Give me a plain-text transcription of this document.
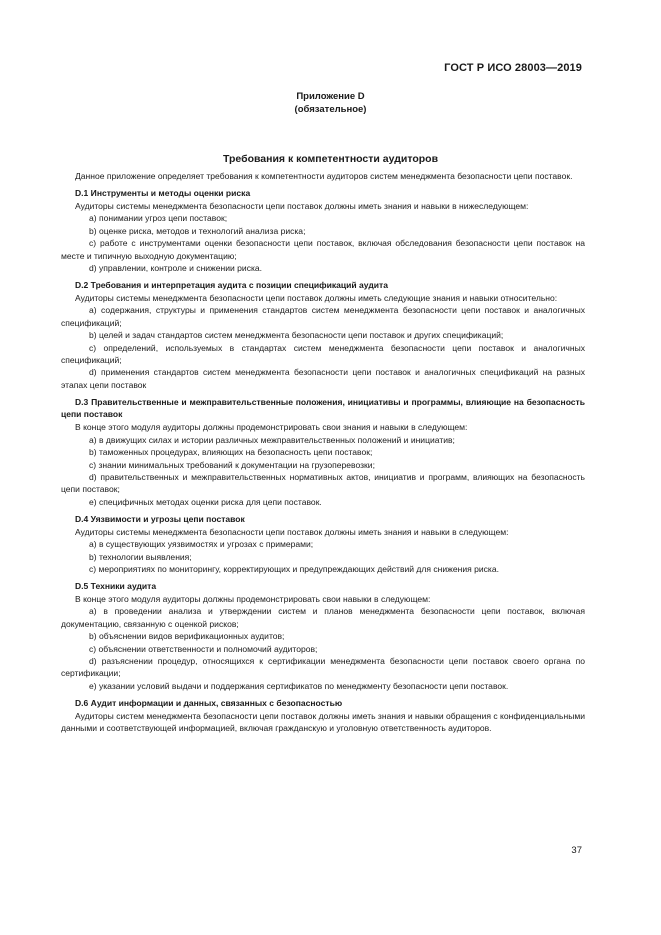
ГОСТ Р ИСО 28003—2019
Приложение D
(обязательное)
Требования к компетентности аудиторов

Данное приложение определяет требования к компетентности аудиторов систем менеджмента безопасности цепи поставок.

D.1 Инструменты и методы оценки риска

Аудиторы системы менеджмента безопасности цепи поставок должны иметь знания и навыки в нижеследующем:

a) понимании угроз цепи поставок;

b) оценке риска, методов и технологий анализа риска;

c) работе с инструментами оценки безопасности цепи поставок, включая обследования безопасности цепи поставок на месте и типичную выходную документацию;

d) управлении, контроле и снижении риска.

D.2 Требования и интерпретация аудита с позиции спецификаций аудита

Аудиторы системы менеджмента безопасности цепи поставок должны иметь следующие знания и навыки относительно:

a) содержания, структуры и применения стандартов систем менеджмента безопасности цепи поставок и аналогичных спецификаций;

b) целей и задач стандартов систем менеджмента безопасности цепи поставок и других спецификаций;

c) определений, используемых в стандартах систем менеджмента безопасности цепи поставок и аналогичных спецификаций;

d) применения стандартов систем менеджмента безопасности цепи поставок и аналогичных спецификаций на разных этапах цепи поставок

D.3 Правительственные и межправительственные положения, инициативы и программы, влияющие на безопасность цепи поставок

В конце этого модуля аудиторы должны продемонстрировать свои знания и навыки в следующем:

a) в движущих силах и истории различных межправительственных положений и инициатив;

b) таможенных процедурах, влияющих на безопасность цепи поставок;

c) знании минимальных требований к документации на грузоперевозки;

d) правительственных и межправительственных нормативных актов, инициатив и программ, влияющих на безопасность цепи поставок;

e) специфичных методах оценки риска для цепи поставок.

D.4 Уязвимости и угрозы цепи поставок

Аудиторы системы менеджмента безопасности цепи поставок должны иметь знания и навыки в следующем:

a) в существующих уязвимостях и угрозах с примерами;

b) технологии выявления;

c) мероприятиях по мониторингу, корректирующих и предупреждающих действий для снижения риска.

D.5 Техники аудита

В конце этого модуля аудиторы должны продемонстрировать свои навыки в следующем:

a) в проведении анализа и утверждении систем и планов менеджмента безопасности цепи поставок, включая документацию, связанную с оценкой рисков;

b) объяснении видов верификационных аудитов;

c) объяснении ответственности и полномочий аудиторов;

d) разъяснении процедур, относящихся к сертификации менеджмента безопасности цепи поставок своего органа по сертификации;

e) указании условий выдачи и поддержания сертификатов по менеджменту безопасности цепи поставок.

D.6 Аудит информации и данных, связанных с безопасностью

Аудиторы систем менеджмента безопасности цепи поставок должны иметь знания и навыки обращения с конфиденциальными данными и соответствующей информацией, включая гражданскую и уголовную ответственность аудиторов.

37
